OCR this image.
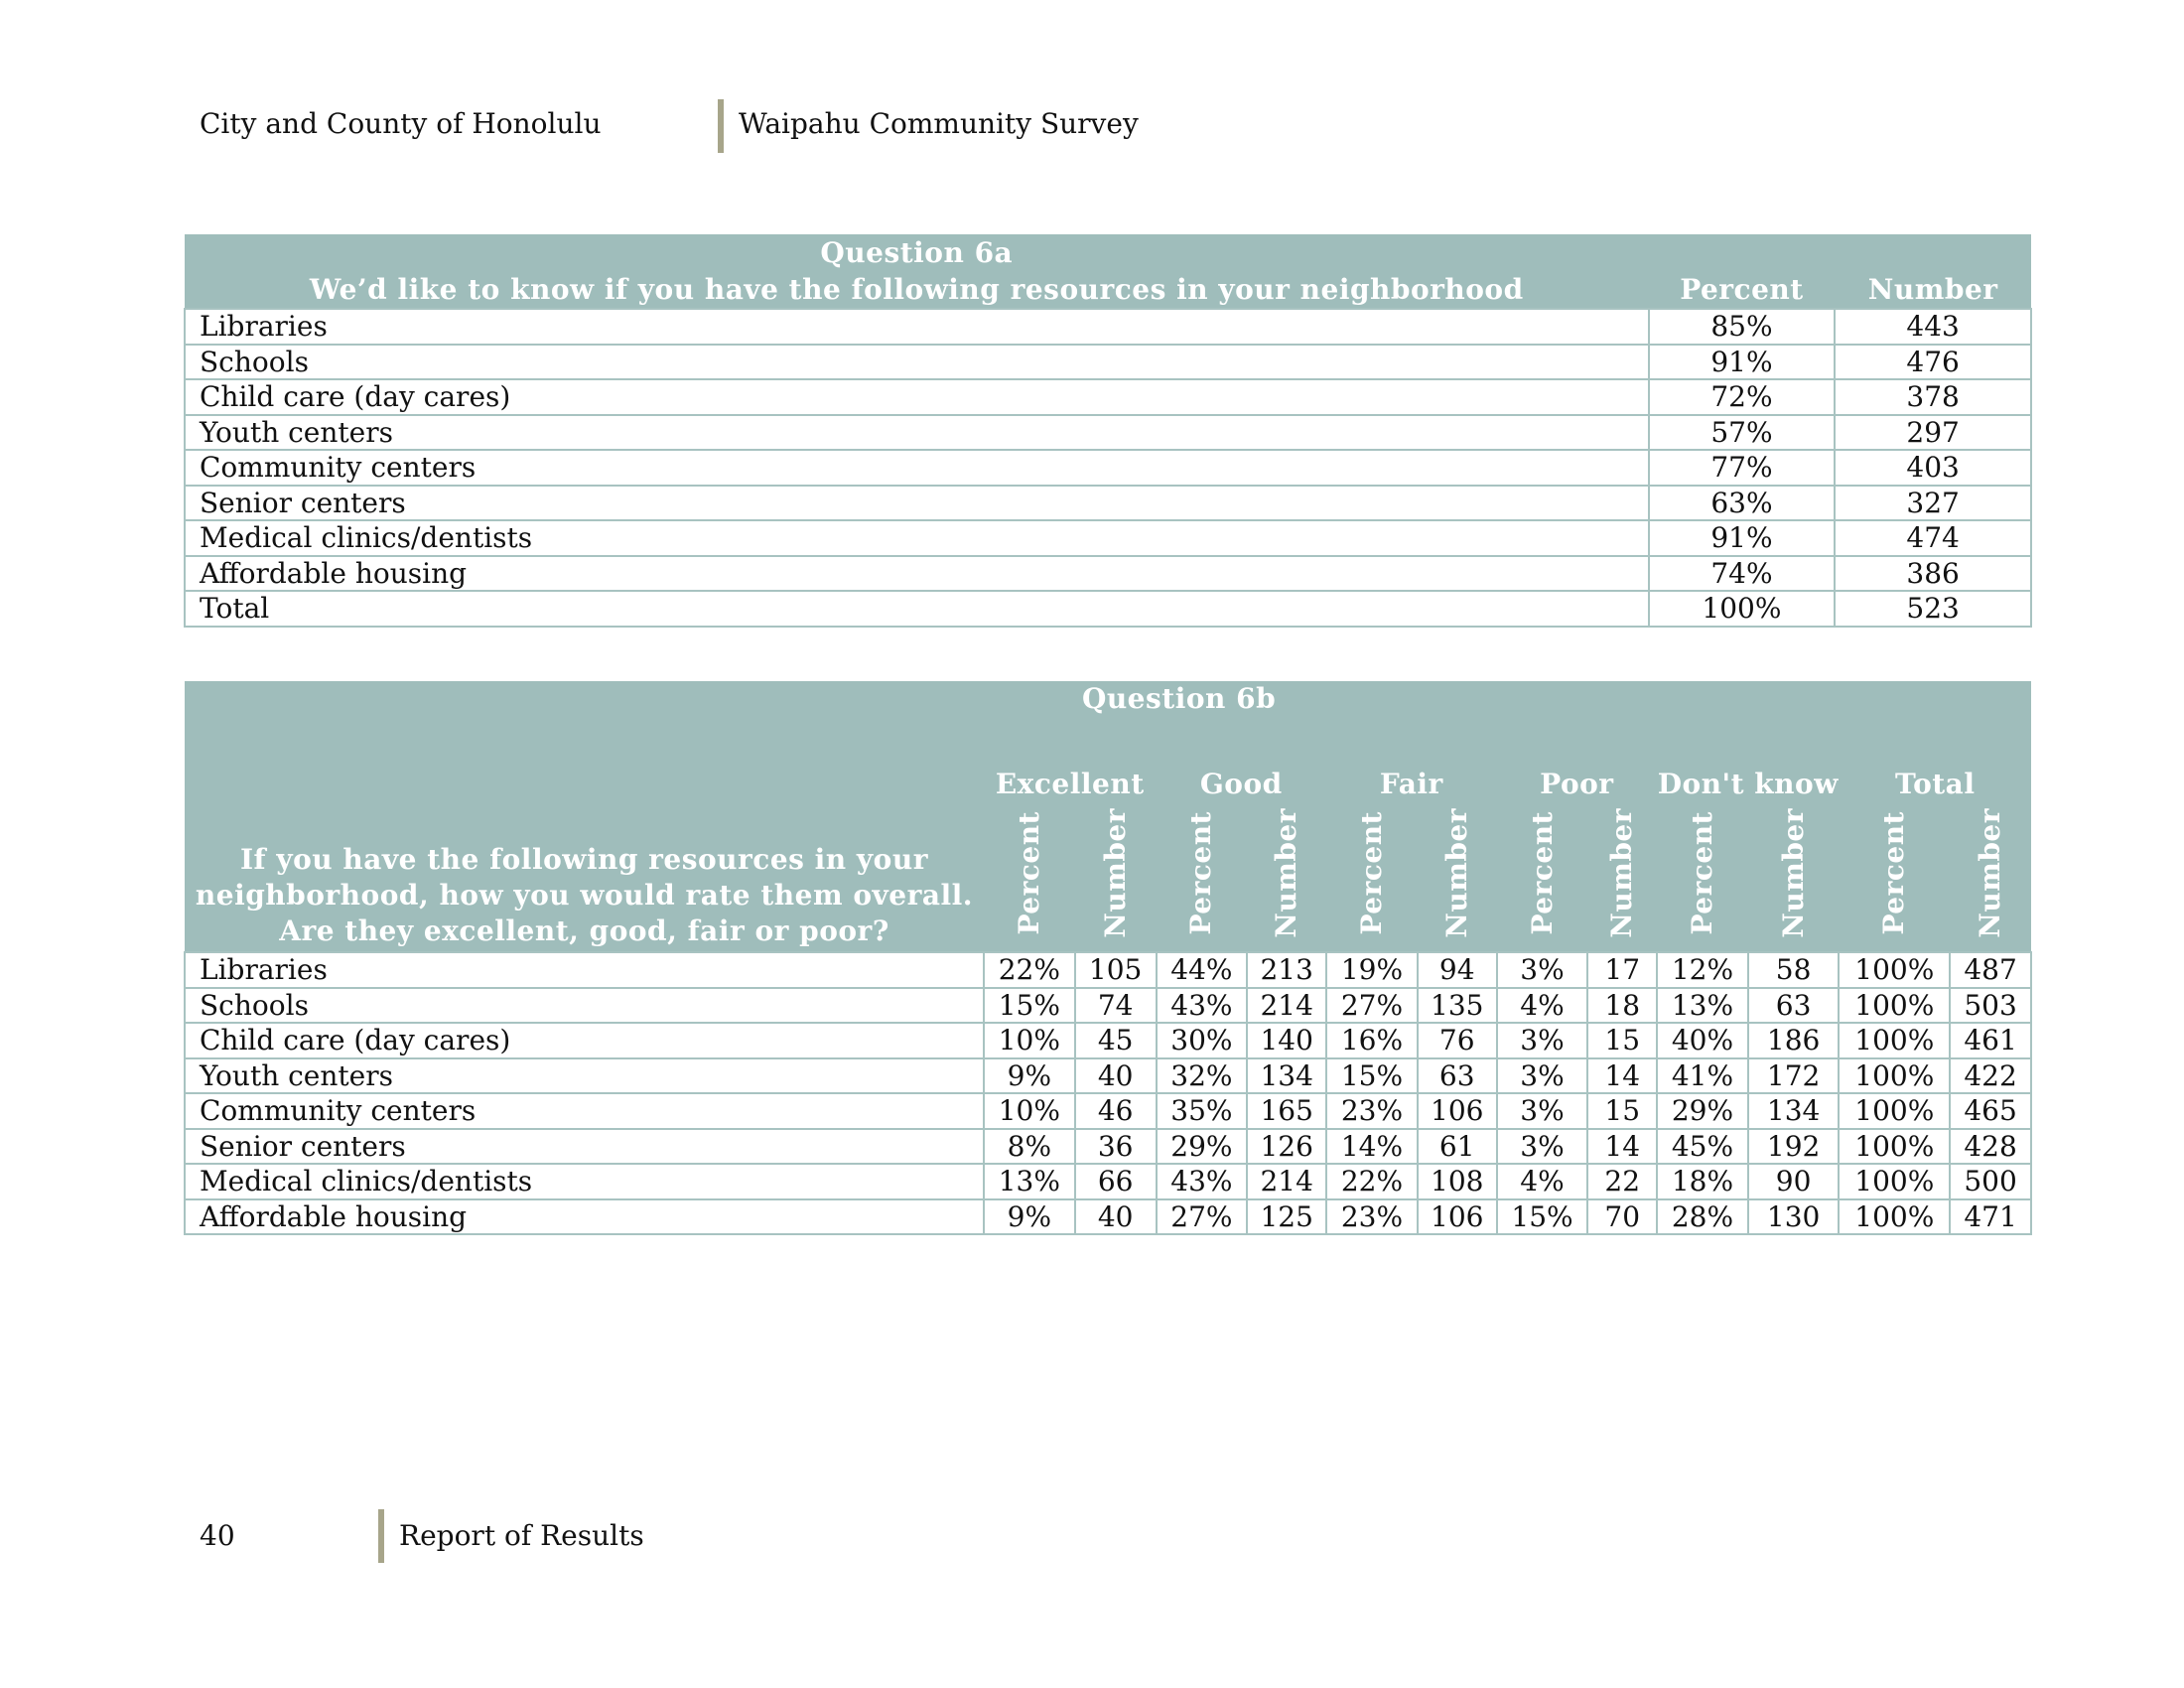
City and County of Honolulu	Waipahu Community Survey
Question 6a		
We’d like to know if you have the following resources in your neighborhood	Percent	Number
Libraries	85%	443
Schools	91%	476
Child care (day cares)	72%	378
Youth centers	57%	297
Community centers	77%	403
Senior centers	63%	327
Medical clinics/dentists	91%	474
Affordable housing	74%	386
Total	100%	523
	Question 6b											
If you have the following resources in your neighborhood, how you would rate them overall. Are they excellent, good, fair or poor?	Excellent		Good		Fair		Poor		Don't know		Total	
	Percent	Number	Percent	Number	Percent	Number	Percent	Number	Percent	Number	Percent	Number
Libraries	22%	105	44%	213	19%	94	3%	17	12%	58	100%	487
Schools	15%	74	43%	214	27%	135	4%	18	13%	63	100%	503
Child care (day cares)	10%	45	30%	140	16%	76	3%	15	40%	186	100%	461
Youth centers	9%	40	32%	134	15%	63	3%	14	41%	172	100%	422
Community centers	10%	46	35%	165	23%	106	3%	15	29%	134	100%	465
Senior centers	8%	36	29%	126	14%	61	3%	14	45%	192	100%	428
Medical clinics/dentists	13%	66	43%	214	22%	108	4%	22	18%	90	100%	500
Affordable housing	9%	40	27%	125	23%	106	15%	70	28%	130	100%	471
40	Report of Results
